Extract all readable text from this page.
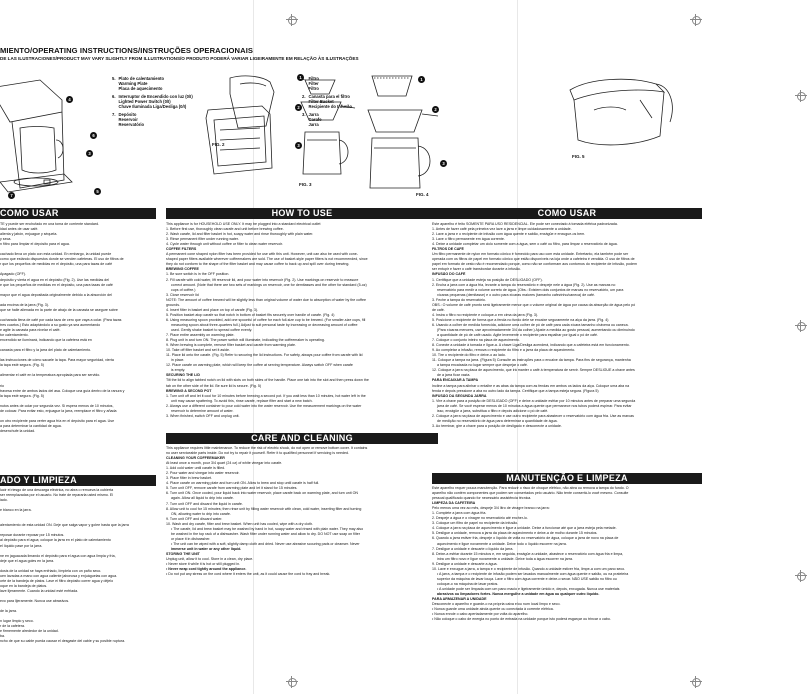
MIENTO/OPERATING INSTRUCTIONS/INSTRUÇÕES OPERACIONAIS
DE LAS ILUSTRACIONES/PRODUCT MAY VARY SLIGHTLY FROM ILLUSTRATIONS/O PRODUTO PODERÁ VARIAR LIGEIRAMENTE EM RELAÇÃO ÀS ILUSTRAÇÕES
4
6
3
5
7
5. Plato de calentamiento
Warming Plate
Placa de aquecimento
6. Interruptor de Encendido con luz (0/I)
Lighted Power Switch (0/I)
Chave Iluminada Liga/Desliga (0/I)
7. Depósito
Reservoir
Reservatório
FIG. 2
1
2
3
FIG. 3
1. Filtro
Filter
Filtro
2. Canasta para el filtro
Filter Basket
Recipiente do Infusão
3. Jarra
Carafe
Jarra
1
2
3
FIG. 4
FIG. 5
COMO USAR	HOW TO USE	COMO USAR
ADO Y LIMPIEZA
CARE AND CLEANING
MANUTENÇÃO E LIMPEZA

TE y puede ser enchufado en una toma de corriente standard.

idad antes de usar café.

alienta y jabón, enjuague y séquela.

y seca.

n filtro para limpiar el depósito para el agua.

cachado lleva un plato con esta unidad. En embargo, la unidad puede

como que estándo dispuestos donde se venden cafeteras. El uso de filtros de

r que los pequeños de medidas en el depósito, una para tazas de café

Apagado (OFF).

depósito y vierta el agua en el depósito (Fig. 2). Use las medidas del

e que los pequeños de medidas en el depósito, una para tazas de café

mayor que el agua depositada originalmente debido a la absorción del

ada encima de la jarra (Fig. 3).

que se halle alienada en la parte de abajo de la canasta se asegure sobre

cucharada llena de café por cada taza de cero que vaya a colar. (Para tazas

tres cuartos.) Ésto adaptándolo a su gusto ya sea aumentando

e agite la canasta para nivelar el café.

tor calentamiento.

encendido se iluminará, indicando que la cafetera está en

canasta para el filtro y la jarra del plato de calentamiento.

las instrucciones de cómo sacarle la tapa. Para mayor seguridad, vierta

la tapa esté segura. (Fig. 5)

alimentar el café en la temperatura apropiada para ser servido.

rio

travesa entre de ambos lados del asa. Coloque una guía dentro de la ranura y

la tapa esté segura. (Fig. 5)

nutos antes de colar por segunda vez. Si espera menos de 10 minutos,

de colocar. Para evitar esto, enjuague la jarra, reemplace el filtro y añada

on otro recipiente para verter agua fría en el depósito para el agua. Use

a para determinar la cantidad de agua.

desenchufe la unidad.

lucir el riesgo de una descarga eléctrica, no abra o remueva la cubierta

ser reemplazadas por el usuario. No trate de repararla usted mismo. El

iado.

e blanco en la jarra.

alentamiento de esta unidad ON. Deje que salga vapor y golee hasta que la jarra

reposar durante reposar por 15 minutos.

al depósito para el agua; coloque la jarra en el plato de calentamiento

el líquido pase por la jarra.

ne en jaguacada limando el depósito para el agua con agua limpia y fría,

deje que el agua goles en la jarra.

dosis de la unidad se haya enfriado, límpiela con un paño seco.

uen lavadas a mano con agua caliente jabonosa y enjuáguelas con agua.

orte de la bandeja de platos. Lave el filtro depósito correr agua y déjelo

oque en la bandeja de platos.

lave lijeramente. Cuando la unidad esté enfriada.

evo para lijeramente. Nunca use abrasivos.

de la jarra.

n lugar limpio y seco.

r de la cafetera.

e firmemente alrededor de la unidad.

ba.

ncho de que su cable pueda causar el desgaste del cable y su posible ruptura.

This appliance is for HOUSEHOLD USE ONLY. It may be plugged into a standard electrical outlet

1. Before first use, thoroughly clean carafe and unit before brewing coffee.

2. Wash carafe, lid and filter basket in hot, soapy water and rinse thoroughly with plain water.

3. Rinse permanent filter under running water.

4. Cycle water through unit without coffee or filter to clean water reservoir.

COFFEE FILTERS

A permanent cone shaped nylon filter has been provided for use with this unit. However, unit can also be used with cone-

shaped paper filters available wherever coffeemakers are sold. The use of basket-style paper filters is not recommended, since

they do not conform to the shape of the filter basket and may cause coffee to back up and spill over during brewing.

BREWING COFFEE

1. Be sure switch is in the OFF position.

2. Fill carafe with cold water, lift reservoir lid, and pour water into reservoir (Fig. 2). Use markings on reservoir to measure

correct amount. (Note that there are two sets of markings on reservoir, one for demitasses and the other for standard (5-oz)

cups of coffee.)

3. Close reservoir lid

NOTE: The amount of coffee brewed will be slightly less than original volume of water due to absorption of water by the coffee

grounds.

4. Insert filter in basket and place on top of carafe (Fig. 3).

5. Position basket atop carafe so that notch in bottom of basket fits securely over handle of carafe. (Fig. 4)

6. Using measuring spoon provided, add one spoonful of coffee for each full-size cup to be brewed. (For smaller-size cups, fill

measuring spoon about three-quarters full.) Adjust to suit personal taste by increasing or decreasing amount of coffee

used. Gently shake basket to spread coffee evenly.

7. Place entire assembly on warming plate.

8. Plug unit in and turn ON. The power switch will illuminate, indicating the coffeemaker is operating.

9. When brewing is complete, remove filter basket and carafe from warming plate.

10. Take off filter basket and set it aside.

11. Place lid onto the carafe. (Fig. 5) Refer to securing the lid instructions. For safety, always pour coffee from carafe with lid

in place.

12. Place carafe on warming plate, which will keep the coffee at serving temperature. Always switch OFF when carafe

is empty.

SECURING THE LID

Tilt the lid to align tabbed notch on lid with slots on both sides of the handle. Place one tab into the slot and then press down the

tab on the other side of the lid. Be sure lid is secure. (Fig. 5)

BREWING A SECOND POT

1. Turn unit off and let it cool for 10 minutes before brewing a second pot. If you wait less than 10 minutes, hot water left in the

unit may cause spattering. To avoid this, rinse carafe, replace filter and start a new batch.

2. Always use a different container to pour cold water into the water reservoir. Use the measurement markings on the water

reservoir to determine amount of water.

3. When finished, switch OFF and unplug unit.

This appliance requires little maintenance. To reduce the risk of electric shock, do not open or remove bottom cover. It contains

no user serviceable parts inside. Do not try to repair it yourself. Refer it to qualified personnel if servicing is needed.

CLEANING YOUR COFFEEMAKER

At least once a month, pour 3/4 quart (24 oz) of white vinegar into carafe.

1. Add cold water until carafe is filled.

2. Pour water and vinegar into water reservoir.

3. Place filter in brew basket.

4. Place carafe on warming plate and turn unit ON. Allow to brew and stop until carafe is half full.

5. Turn unit OFF, remove carafe from warming plate and let it stand for 15 minutes.

6. Turn unit ON. Once cooled, pour liquid back into water reservoir, place carafe back on warming plate, and turn unit ON

again. Allow all liquid to drip into carafe.

7. Turn unit OFF and discard the liquid in carafe.

8. Allow unit to cool for 15 minutes; then rinse unit by filling water reservoir with clean, cold water, inserting filter and turning

ON, allowing water to drip into carafe.

9. Turn unit OFF and discard water.

10. Wash and dry carafe, filter and brew basket. When unit has cooled, wipe with a dry cloth.

• The carafe, lid and brew basket may be washed by hand in hot, soapy water and rinsed with plain water. They may also

be washed in the top rack of a dishwasher. Wash filter under running water and allow to dry. DO NOT use soap on filter

or place it in dishwasher.

• The unit can be wiped with a soft, slightly damp cloth and dried. Never use abrasive scouring pads or cleanser. Never

immerse unit in water or any other liquid.

STORING THE UNIT

Unplug unit, allow it to cool. Store in a clean, dry place.

• Never store it while it is hot or still plugged in.

• Never wrap cord tightly around the appliance.

• Do not put any stress on the cord where it enters the unit, as it could cause the cord to fray and break.

Este aparelho é feito SOMENTE PARA USO RESIDENCIAL. Ele pode ser conectado à tomada elétrica padronizada.

1. Antes de fazer café pela primeira vez lave a jarra e limpe cuidadosamente a unidade.

2. Lave a jarra e o recipiente de infusão com água quente e sabão, enxágüe e enxugue-os bem.

3. Lave o filtro permanente em água corrente.

4. Deixe a unidade completar um ciclo somente com a água, sem o café ou filtro, para limpar o reservatório de água.

FILTROS DE CAFÉ

Um filtro permanente de nylon em formato cônico é fornecido para uso com esta unidade. Entretanto, ela também pode ser

operada com os filtros de papel em formato cônico que estão disponíveis na loja onde a cafeteira é vendida. O uso de filtros de

papel em formato de cesto não é recomendado porque, como não se conformam aos contornos do recipiente de infusão, podem

ser entupir e fazer o café transbordar durante a infusão.

INFUSÃO DO CAFÉ

1. Certifique que a unidade esteja na posição de DESLIGADO (OFF).

2. Encha a jarra com a água fria, levante a tampa do reservatório e despeje nele a água (Fig. 2). Use as marcas no

reservatório para medir a volume correto de água. (Obs.: Existem dois conjuntos de marcas no reservatório, um para

xícaras pequenas (demitasse) e o outro para xícaras maiores (tamanho cafezinho/caneca) de café.

3. Feche a tampa do reservatório.

OBS.: O volume de café pronto será ligeiramente menor que o volume original de água por causa da absorção de água pelo pó

de café.

4. Insira o filtro no recipiente e coloque-o em cima da jarra (Fig. 3).

5. Posicione o recipiente de forma que a fenda no fundo dele se encaixe seguramente na alça da jarra. (Fig. 4)

6. Usando a colher de medida fornecida, adicione uma colher de pó de café para cada xícara tamanho chávena ou caneca.

(Para xícaras menores, use aproximadamente 3/4 da colher.) Ajuste a medida ao gosto pessoal, aumentando ou diminuindo

a quantidade de pó de café usado. Agite levemente o recipiente para espalhar por igual o pó de café.

7. Coloque o conjunto inteiro na placa de aquecimento.

8. Conecte a unidade à tomada e ligue-a. A chave Liga/Desliga acenderá, indicando que a cafeteira está em funcionamento.

9. Ao completar a infusão, remova o recipiente do filtro e a jarra da placa de aquecimento.

10. Tire o recipiente do filtro e deixe-o ao lado.

11. Coloque a tampa na jarra. (Figura 5) Consulte as instruções para o encaixe da tampa. Para fins de segurança, mantenha

a tampa encaixada no lugar sempre que despejar o café.

12. Coloque a jarra na placa de aquecimento, que irá manter o café à temperatura de servir. Sempre DESLIGUE a chave antes

de a jarra ficar vazia.

PARA ENCAIXAR A TAMPA

Incline a tampa para alinhar o entalhe e as abas da tampa com as fendas em ambos os lados da alça. Coloque uma aba na

fenda e depois pressione a aba no outro lado da tampa. Certifique que a tampa esteja segura. (Figura 5)

INFUSÃO DA SEGUNDA JARRA

1. Vire a chave para a posição de DESLIGADO (OFF) e deixe a unidade esfriar por 10 minutos antes de preparar uma segunda

jarra de café. Se você esperar menos de 10 minutos a água quente que permanece nos tubos poderá espirrar. Para evitar

isso, enxágüe a jarra, substitua o filtro e depois adicione o pó de café.

2. Coloque a jarra na placa de aquecimento e use outro recipiente para abastecer o reservatório com água fria. Use as marcas

de medição no reservatório de água para determinar a quantidade de água.

3. Ao terminar, gire a chave para a posição de desligado e desconecte a unidade.

Este aparelho requer pouca manutenção. Para reduzir o risco de choque elétrico, não abra ou remova a tampa do fundo. O

aparelho não contém componentes que podem ser consertados pelo usuário. Não tente consertá-lo você mesmo. Consulte

pessoal qualificado quando for necessário assistência técnica.

LIMPEZA DA CAFETEIRA

Pelo menos uma vez ao mês, despeje 3/4 litro de vinagre branco na jarra:

1. Complete a jarra com água fria.

2. Despeje a água e o vinagre no reservatório até encher-lo.

3. Coloque um filtro de papel no recipiente da infusão.

4. Coloque a jarra na placa de aquecimento e ligue a unidade. Deixe a funcionar até que a jarra esteja pela metade.

5. Desligue a unidade, remova a jarra da placa de aquecimento e deixe-a de molho durante 15 minutos.

6. Quando a jarra estiver fria, despeje o líquido de volta no reservatório de água, coloque a jarra de novo na placa de

aquecimento e ligue novamente a unidade. Deixe todo o líquido escorrer na jarra.

7. Desligue a unidade e descarte o líquido da jarra.

8. Deixe-a esfriar durante 15 minutos e, em seguida, enxágüe a unidade, abastece o reservatório com água fria e limpa,

inira um filtro novo e ligue novamente a unidade. Deixe toda a água escorrer na jarra.

9. Desligue a unidade e descarte a água.

10. Lave e enxugue a jarra, a tampa e o recipiente de infusão. Quando a unidade estiver fria, limpe-a com um pano seco.

• A jarra, a tampa e o recipiente de infusão podem ser lavados manualmente com água quente e sabão, ou na prateleira

superior da máquina de lavar louça. Lave o filtro com água corrente e deixe-o secar. NÃO USE sabão no filtro ou

coloque-o na máquina de lavar pratos.

• A unidade pode ser limpada com um pano macio e ligeiramente úmido e, depois, enxugada. Nunca use materiais

abrasivos ou limpadores fortes. Nunca mergulhe a unidade em água ou qualquer outro líquido.

PARA ARMAZENAR A UNIDADE

Desconecte o aparelho e guarde-o na própria caixa e/ou num local limpo e seco.

• Nunca guarde uma unidade ainda quente ou conectada à corrente elétrica.

• Nunca enrole o cabo apertadamente por volta do aparelho.

• Não coloque o cabo de energia no ponto de entrada na unidade porque isto poderá esgarçar ou trincar o cabo.
